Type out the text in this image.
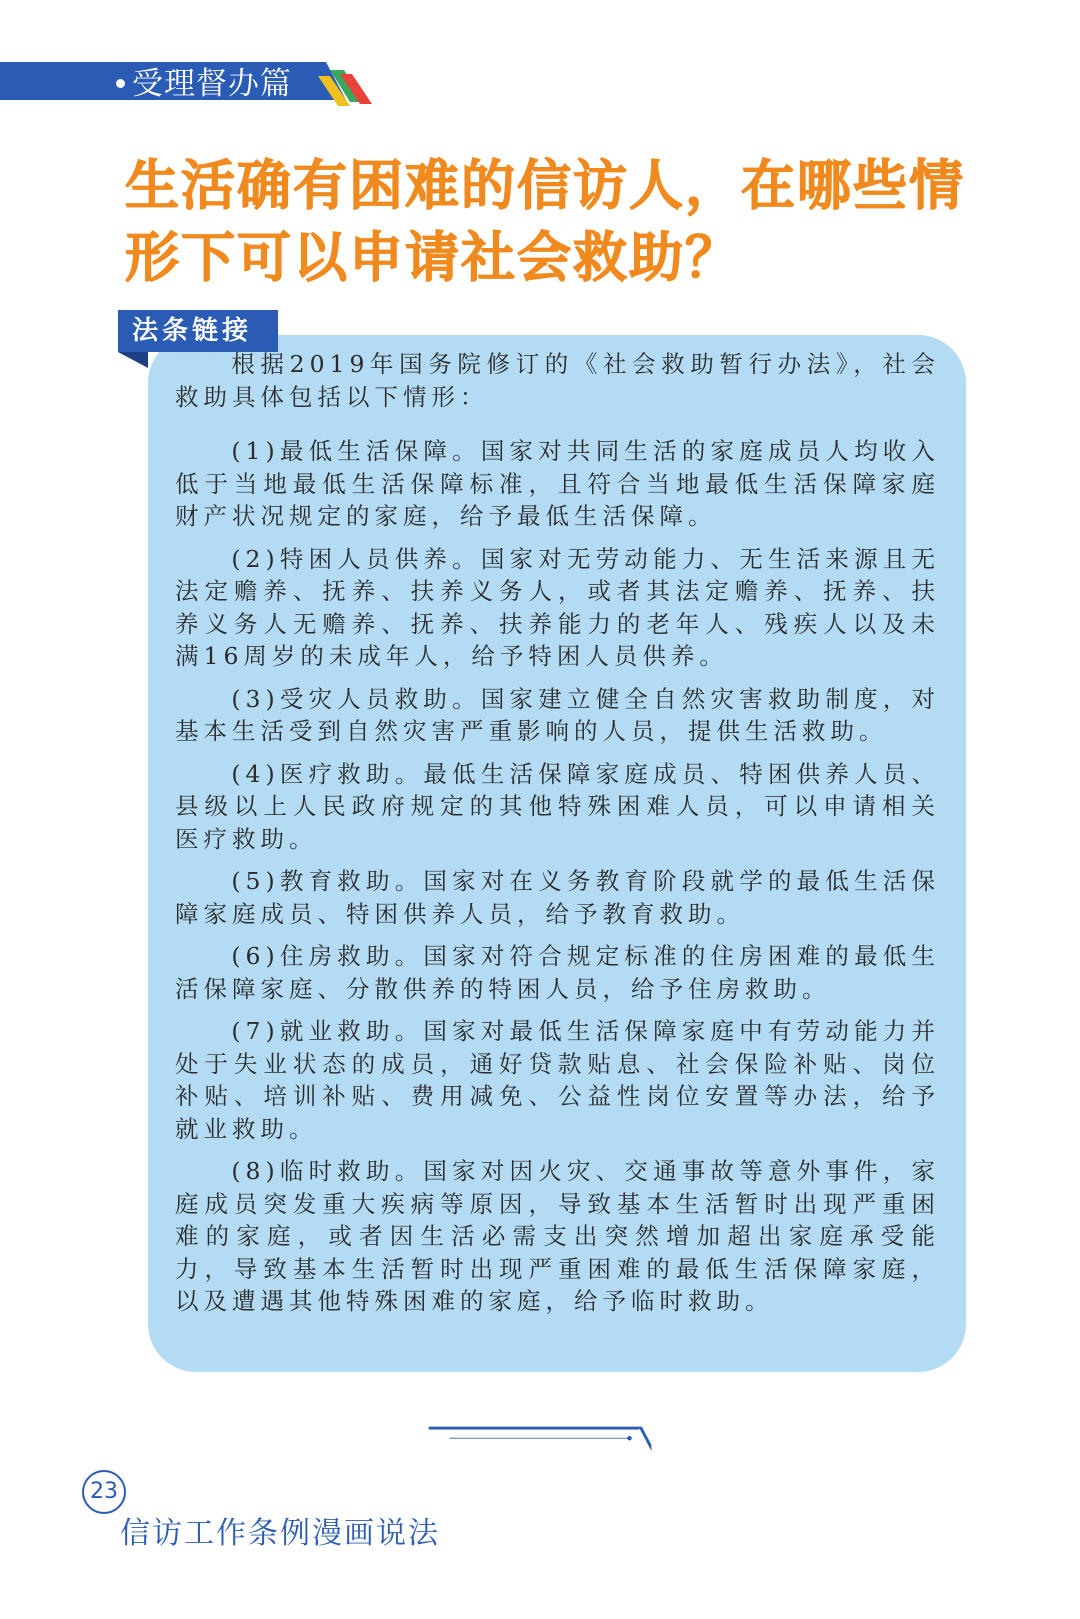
受理督办篇
生活确有困难的信访人，在哪些情形下可以申请社会救助？
法条链接

根据2019年国务院修订的《社会救助暂行办法》，社会救助具体包括以下情形：

(1)最低生活保障。国家对共同生活的家庭成员人均收入低于当地最低生活保障标准，且符合当地最低生活保障家庭财产状况规定的家庭，给予最低生活保障。

(2)特困人员供养。国家对无劳动能力、无生活来源且无法定赡养、抚养、扶养义务人，或者其法定赡养、抚养、扶养义务人无赡养、抚养、扶养能力的老年人、残疾人以及未满16周岁的未成年人，给予特困人员供养。

(3)受灾人员救助。国家建立健全自然灾害救助制度，对基本生活受到自然灾害严重影响的人员，提供生活救助。

(4)医疗救助。最低生活保障家庭成员、特困供养人员、县级以上人民政府规定的其他特殊困难人员，可以申请相关医疗救助。

(5)教育救助。国家对在义务教育阶段就学的最低生活保障家庭成员、特困供养人员，给予教育救助。

(6)住房救助。国家对符合规定标准的住房困难的最低生活保障家庭、分散供养的特困人员，给予住房救助。

(7)就业救助。国家对最低生活保障家庭中有劳动能力并处于失业状态的成员，通好贷款贴息、社会保险补贴、岗位补贴、培训补贴、费用减免、公益性岗位安置等办法，给予就业救助。

(8)临时救助。国家对因火灾、交通事故等意外事件，家庭成员突发重大疾病等原因，导致基本生活暂时出现严重困难的家庭，或者因生活必需支出突然增加超出家庭承受能力，导致基本生活暂时出现严重困难的最低生活保障家庭，以及遭遇其他特殊困难的家庭，给予临时救助。

23
信访工作条例漫画说法
